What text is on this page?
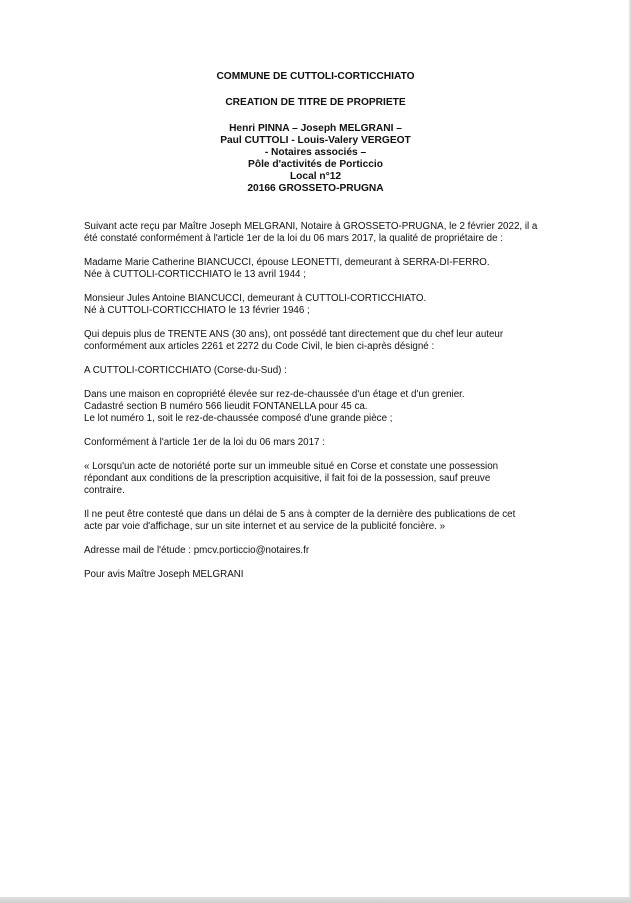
COMMUNE DE CUTTOLI-CORTICCHIATO

CREATION DE TITRE DE PROPRIETE

Henri PINNA – Joseph MELGRANI –
Paul CUTTOLI - Louis-Valery VERGEOT
- Notaires associés –
Pôle d'activités de Porticcio
Local n°12
20166 GROSSETO-PRUGNA

Suivant acte reçu par Maître Joseph MELGRANI, Notaire à GROSSETO-PRUGNA, le 2 février 2022, il a
été constaté conformément à l'article 1er de la loi du 06 mars 2017, la qualité de propriétaire de :

Madame Marie Catherine BIANCUCCI, épouse LEONETTI, demeurant à SERRA-DI-FERRO.
Née à CUTTOLI-CORTICCHIATO le 13 avril 1944 ;

Monsieur Jules Antoine BIANCUCCI, demeurant à CUTTOLI-CORTICCHIATO.
Né à CUTTOLI-CORTICCHIATO le 13 février 1946 ;

Qui depuis plus de TRENTE ANS (30 ans), ont possédé tant directement que du chef leur auteur
conformément aux articles 2261 et 2272 du Code Civil, le bien ci-après désigné :

A CUTTOLI-CORTICCHIATO (Corse-du-Sud) :

Dans une maison en copropriété élevée sur rez-de-chaussée d'un étage et d'un grenier.
Cadastré section B numéro 566 lieudit FONTANELLA pour 45 ca.
Le lot numéro 1, soit le rez-de-chaussée composé d'une grande pièce ;

Conformément à l'article 1er de la loi du 06 mars 2017 :

« Lorsqu'un acte de notoriété porte sur un immeuble situé en Corse et constate une possession
répondant aux conditions de la prescription acquisitive, il fait foi de la possession, sauf preuve
contraire.

Il ne peut être contesté que dans un délai de 5 ans à compter de la dernière des publications de cet
acte par voie d'affichage, sur un site internet et au service de la publicité foncière. »

Adresse mail de l'étude : pmcv.porticcio@notaires.fr

Pour avis Maître Joseph MELGRANI
